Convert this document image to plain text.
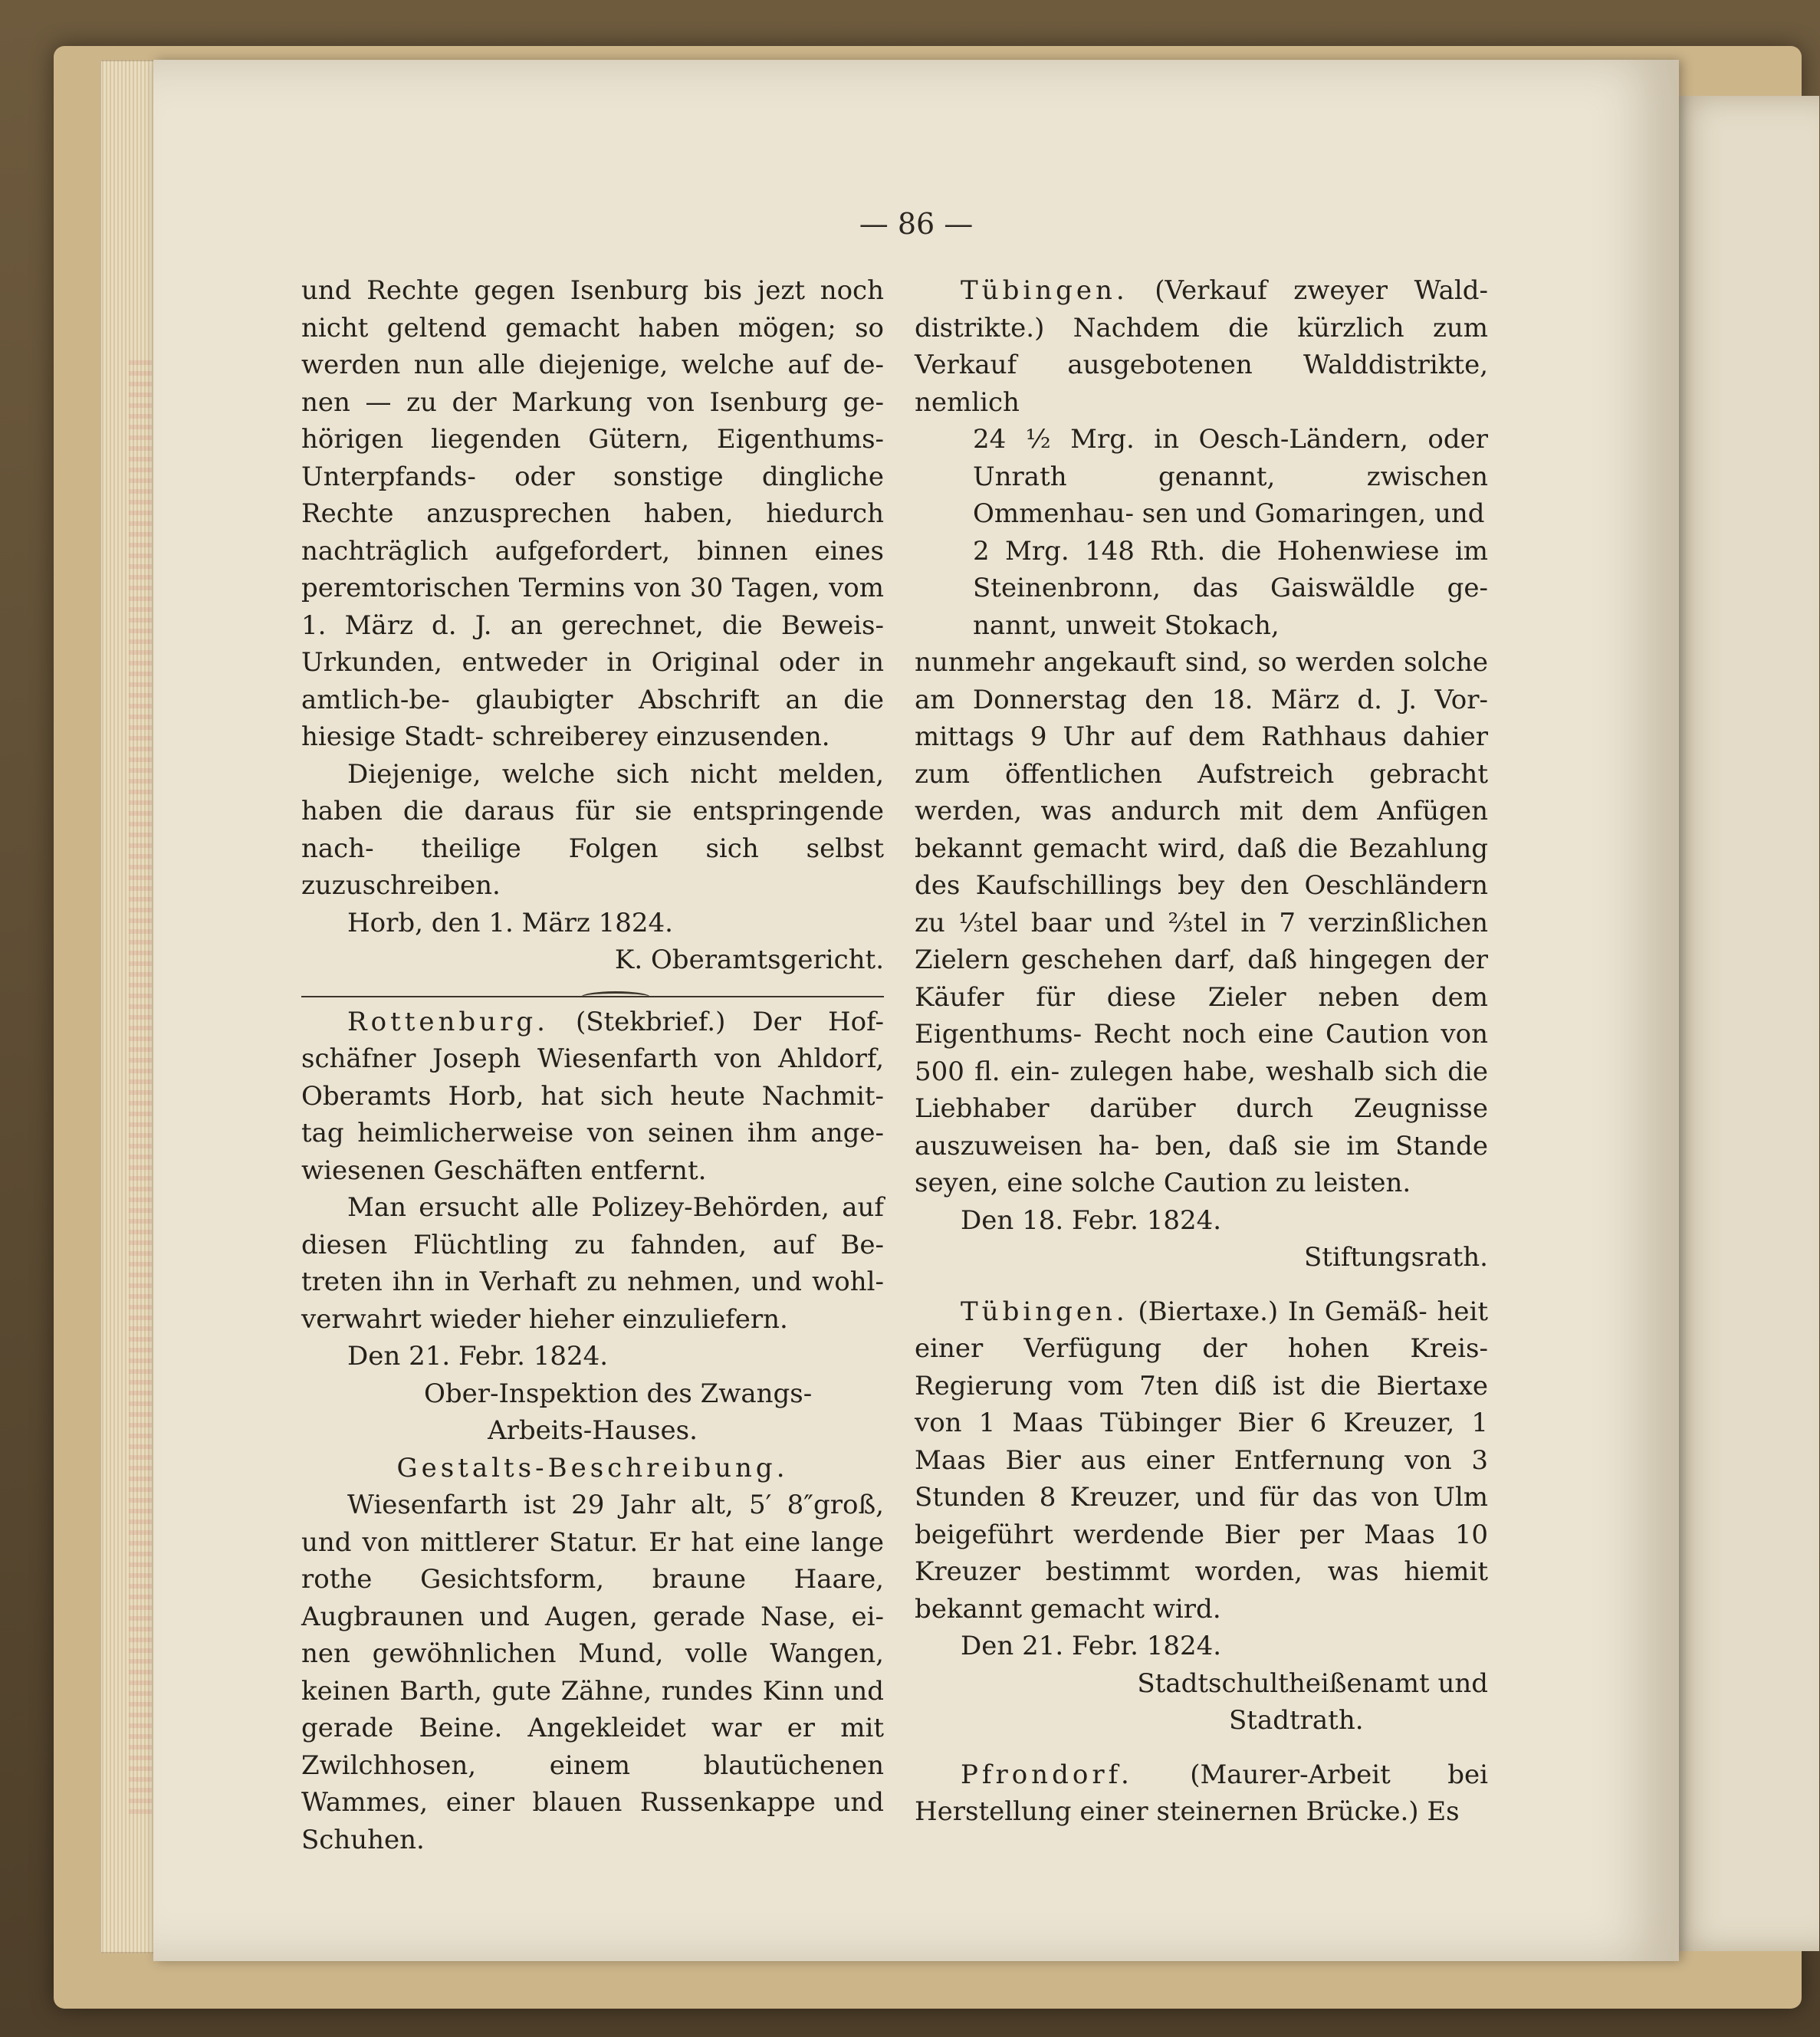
— 86 —

und Rechte gegen Isenburg bis jezt noch nicht geltend gemacht haben mögen; so werden nun alle diejenige, welche auf de- nen — zu der Markung von Isenburg ge- hörigen liegenden Gütern, Eigenthums- Unterpfands- oder sonstige dingliche Rechte anzusprechen haben, hiedurch nachträglich aufgefordert, binnen eines peremtorischen Termins von 30 Tagen, vom 1. März d. J. an gerechnet, die Beweis-Urkunden, entweder in Original oder in amtlich-be- glaubigter Abschrift an die hiesige Stadt- schreiberey einzusenden.

Diejenige, welche sich nicht melden, haben die daraus für sie entspringende nach- theilige Folgen sich selbst zuzuschreiben.

Horb, den 1. März 1824.

K. Oberamtsgericht.

Rottenburg. (Stekbrief.) Der Hof- schäfner Joseph Wiesenfarth von Ahldorf, Oberamts Horb, hat sich heute Nachmit- tag heimlicherweise von seinen ihm ange- wiesenen Geschäften entfernt.

Man ersucht alle Polizey-Behörden, auf diesen Flüchtling zu fahnden, auf Be- treten ihn in Verhaft zu nehmen, und wohl- verwahrt wieder hieher einzuliefern.

Den 21. Febr. 1824.

Ober-Inspektion des Zwangs-

Arbeits-Hauses.

Gestalts-Beschreibung.

Wiesenfarth ist 29 Jahr alt, 5′ 8″groß, und von mittlerer Statur. Er hat eine lange rothe Gesichtsform, braune Haare, Augbraunen und Augen, gerade Nase, ei- nen gewöhnlichen Mund, volle Wangen, keinen Barth, gute Zähne, rundes Kinn und gerade Beine. Angekleidet war er mit Zwilchhosen, einem blautüchenen Wammes, einer blauen Russenkappe und Schuhen.

Tübingen. (Verkauf zweyer Wald- distrikte.) Nachdem die kürzlich zum Verkauf ausgebotenen Walddistrikte, nemlich

24 ½ Mrg. in Oesch-Ländern, oder Unrath genannt, zwischen Ommenhau- sen und Gomaringen, und

2 Mrg. 148 Rth. die Hohenwiese im Steinenbronn, das Gaiswäldle ge- nannt, unweit Stokach,

nunmehr angekauft sind, so werden solche am Donnerstag den 18. März d. J. Vor- mittags 9 Uhr auf dem Rathhaus dahier zum öffentlichen Aufstreich gebracht werden, was andurch mit dem Anfügen bekannt gemacht wird, daß die Bezahlung des Kaufschillings bey den Oeschländern zu ⅓tel baar und ⅔tel in 7 verzinßlichen Zielern geschehen darf, daß hingegen der Käufer für diese Zieler neben dem Eigenthums- Recht noch eine Caution von 500 fl. ein- zulegen habe, weshalb sich die Liebhaber darüber durch Zeugnisse auszuweisen ha- ben, daß sie im Stande seyen, eine solche Caution zu leisten.

Den 18. Febr. 1824.

Stiftungsrath.

Tübingen. (Biertaxe.) In Gemäß- heit einer Verfügung der hohen Kreis- Regierung vom 7ten diß ist die Biertaxe von 1 Maas Tübinger Bier 6 Kreuzer, 1 Maas Bier aus einer Entfernung von 3 Stunden 8 Kreuzer, und für das von Ulm beigeführt werdende Bier per Maas 10 Kreuzer bestimmt worden, was hiemit bekannt gemacht wird.

Den 21. Febr. 1824.

Stadtschultheißenamt und

Stadtrath.

Pfrondorf. (Maurer-Arbeit bei Herstellung einer steinernen Brücke.) Es
